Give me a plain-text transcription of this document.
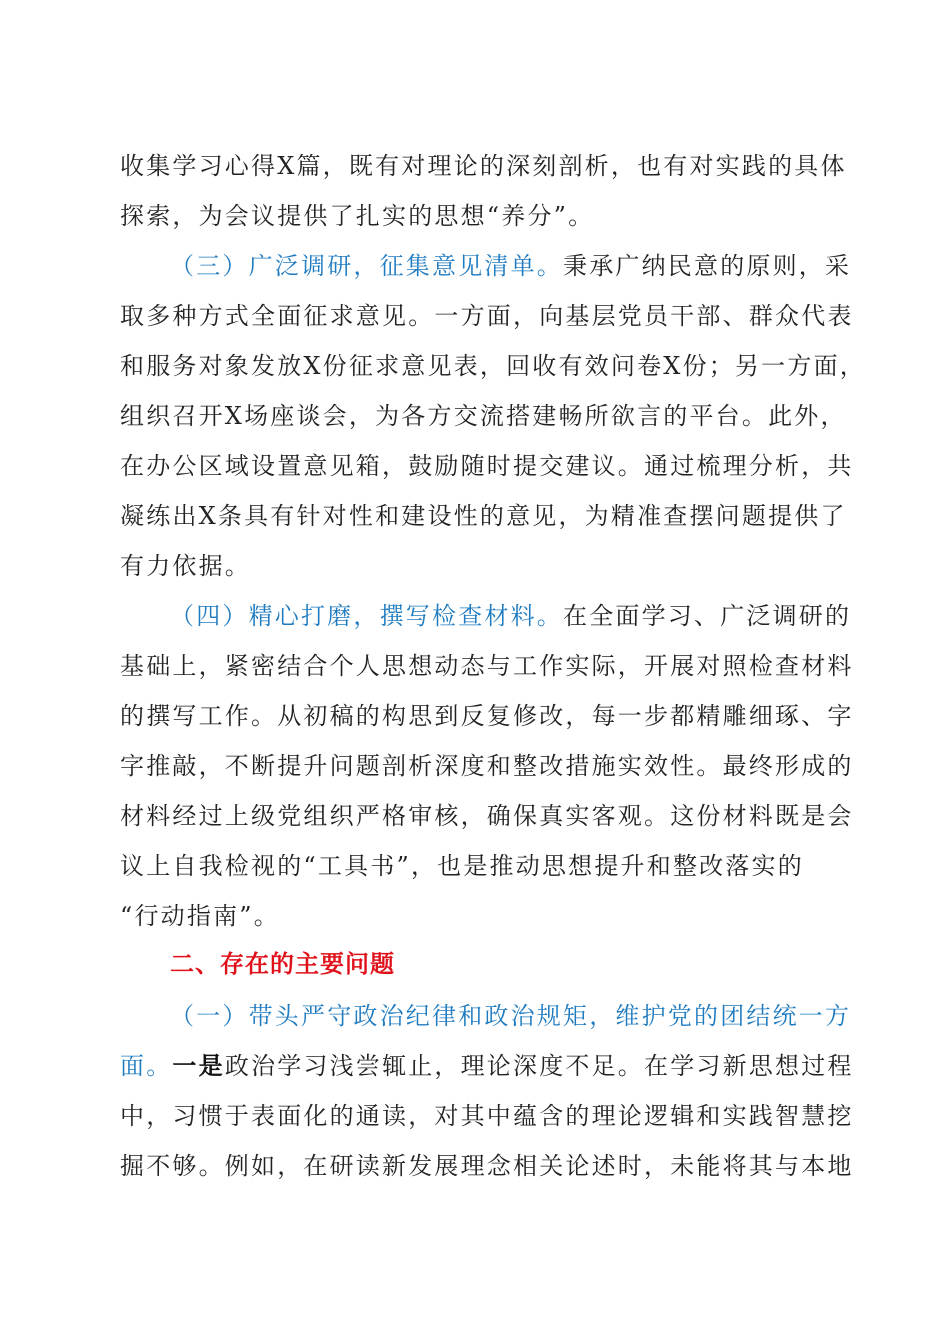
收集学习心得X篇，既有对理论的深刻剖析，也有对实践的具体
探索，为会议提供了扎实的思想“养分”。
（三）广泛调研，征集意见清单。秉承广纳民意的原则，采
取多种方式全面征求意见。一方面，向基层党员干部、群众代表
和服务对象发放X份征求意见表，回收有效问卷X份；另一方面，
组织召开X场座谈会，为各方交流搭建畅所欲言的平台。此外，
在办公区域设置意见箱，鼓励随时提交建议。通过梳理分析，共
凝练出X条具有针对性和建设性的意见，为精准查摆问题提供了
有力依据。
（四）精心打磨，撰写检查材料。在全面学习、广泛调研的
基础上，紧密结合个人思想动态与工作实际，开展对照检查材料
的撰写工作。从初稿的构思到反复修改，每一步都精雕细琢、字
字推敲，不断提升问题剖析深度和整改措施实效性。最终形成的
材料经过上级党组织严格审核，确保真实客观。这份材料既是会
议上自我检视的“工具书”，也是推动思想提升和整改落实的
“行动指南”。
二、存在的主要问题
（一）带头严守政治纪律和政治规矩，维护党的团结统一方
面。一是政治学习浅尝辄止，理论深度不足。在学习新思想过程
中，习惯于表面化的通读，对其中蕴含的理论逻辑和实践智慧挖
掘不够。例如，在研读新发展理念相关论述时，未能将其与本地
